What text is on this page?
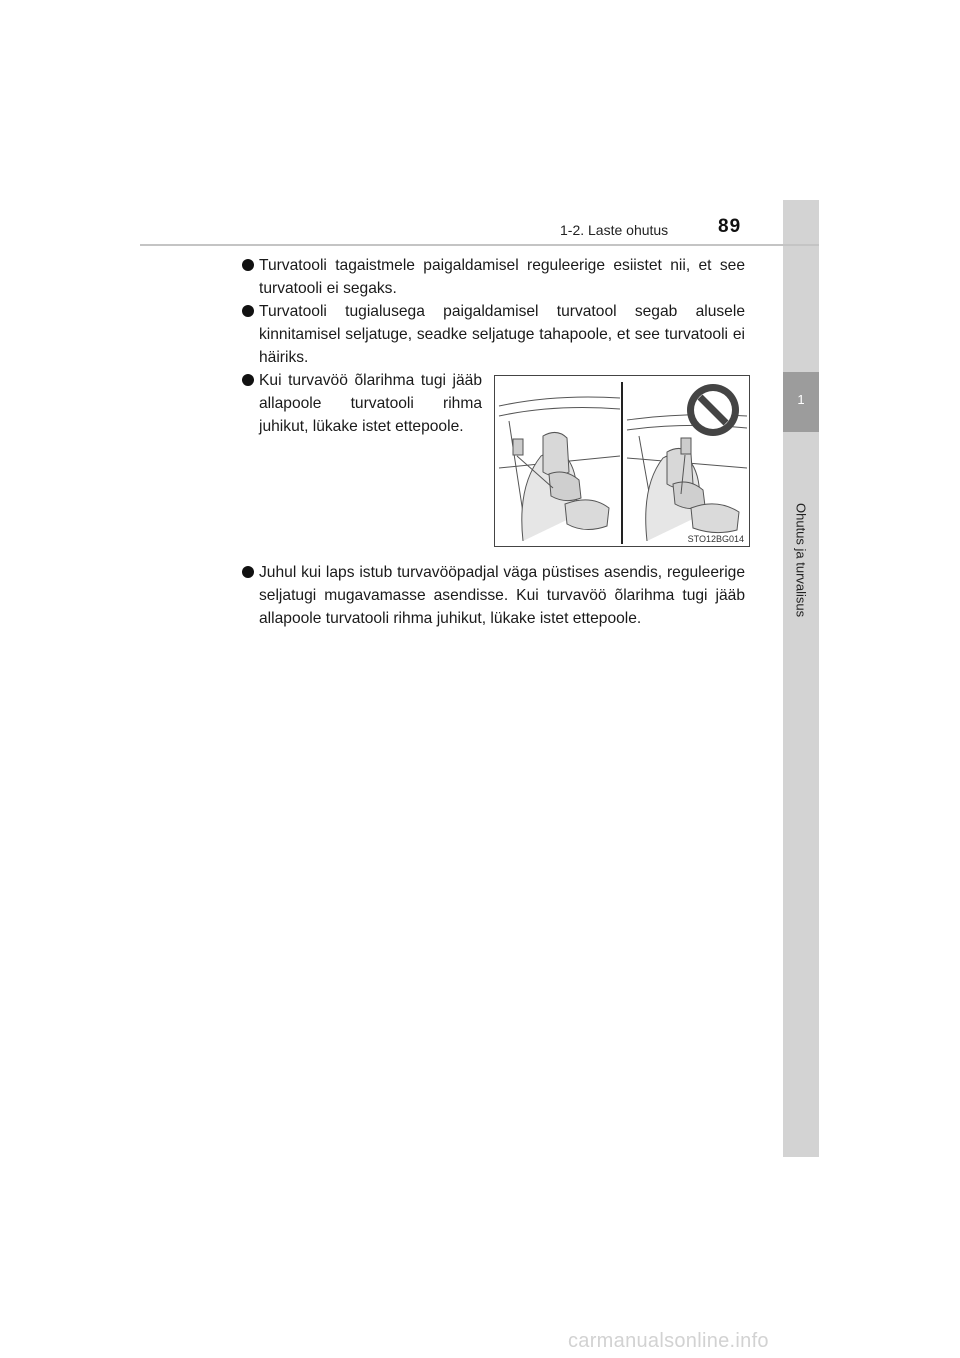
1
Ohutus ja turvalisus
1-2. Laste ohutus	89
Turvatooli tagaistmele paigaldamisel reguleerige esiistet nii, et see turvatooli ei segaks.
Turvatooli tugialusega paigaldamisel turvatool segab alusele kinnitamisel seljatuge, seadke seljatuge tahapoole, et see turvatooli ei häiriks.
Kui turvavöö õlarihma tugi jääb allapoole turvatooli rihma juhikut, lükake istet ettepoole.
Juhul kui laps istub turvavööpadjal väga püstises asendis, reguleerige seljatugi mugavamasse asendisse. Kui turvavöö õlarihma tugi jääb allapoole turvatooli rihma juhikut, lükake istet ettepoole.
STO12BG014
carmanualsonline.info
